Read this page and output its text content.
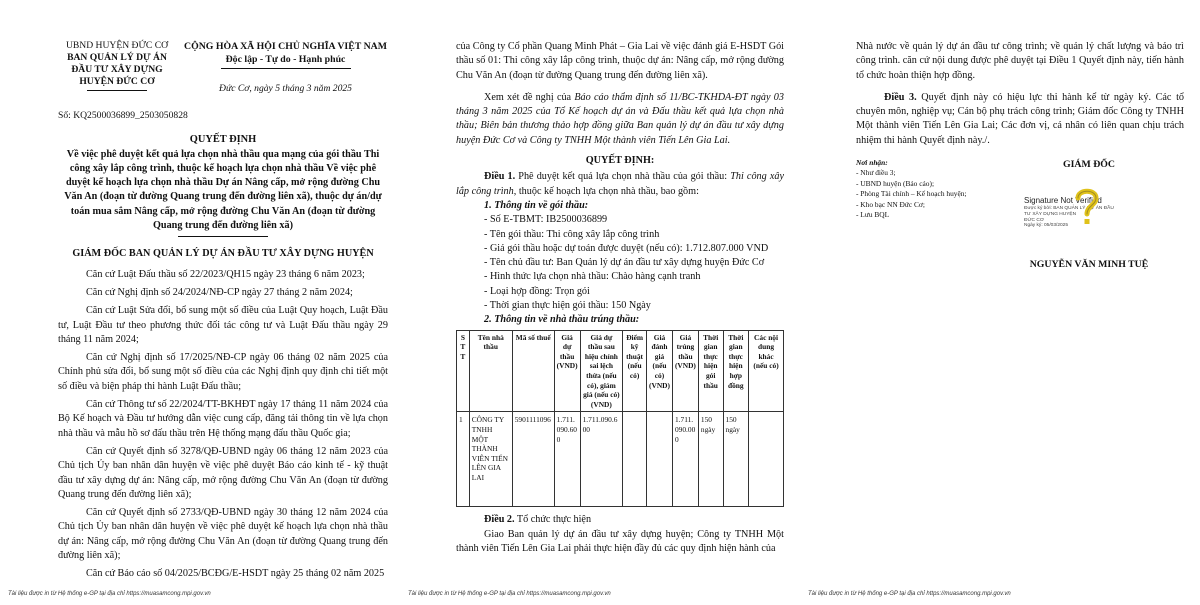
UBND HUYỆN ĐỨC CƠ
BAN QUẢN LÝ DỰ ÁN ĐẦU TƯ XÂY DỰNG HUYỆN ĐỨC CƠ
CỘNG HÒA XÃ HỘI CHỦ NGHĨA VIỆT NAM
Độc lập - Tự do - Hạnh phúc
Đức Cơ, ngày 5 tháng 3 năm 2025
Số: KQ2500036899_2503050828
QUYẾT ĐỊNH
Về việc phê duyệt kết quả lựa chọn nhà thầu qua mạng của gói thầu Thi công xây lắp công trình, thuộc kế hoạch lựa chọn nhà thầu Về việc phê duyệt kế hoạch lựa chọn nhà thầu Dự án Nâng cấp, mở rộng đường Chu Văn An (đoạn từ đường Quang trung đến đường liên xã), thuộc dự án/dự toán mua sắm Nâng cấp, mở rộng đường Chu Văn An (đoạn từ đường Quang trung đến đường liên xã)
GIÁM ĐỐC BAN QUẢN LÝ DỰ ÁN ĐẦU TƯ XÂY DỰNG HUYỆN

Căn cứ Luật Đấu thầu số 22/2023/QH15 ngày 23 tháng 6 năm 2023;

Căn cứ Nghị định số 24/2024/NĐ-CP ngày 27 tháng 2 năm 2024;

Căn cứ Luật Sửa đổi, bổ sung một số điều của Luật Quy hoạch, Luật Đầu tư, Luật Đầu tư theo phương thức đối tác công tư và Luật Đấu thầu ngày 29 tháng 11 năm 2024;

Căn cứ Nghị định số 17/2025/NĐ-CP ngày 06 tháng 02 năm 2025 của Chính phủ sửa đổi, bổ sung một số điều của các Nghị định quy định chi tiết một số điều và biện pháp thi hành Luật Đấu thầu;

Căn cứ Thông tư số 22/2024/TT-BKHĐT ngày 17 tháng 11 năm 2024 của Bộ Kế hoạch và Đầu tư hướng dẫn việc cung cấp, đăng tải thông tin về lựa chọn nhà thầu và mẫu hồ sơ đấu thầu trên Hệ thống mạng đấu thầu Quốc gia;

Căn cứ Quyết định số 3278/QĐ-UBND ngày 06 tháng 12 năm 2023 của Chủ tịch Ủy ban nhân dân huyện về việc phê duyệt Báo cáo kinh tế - kỹ thuật đầu tư xây dựng dự án: Nâng cấp, mở rộng đường Chu Văn An (đoạn từ đường Quang trung đến đường liên xã);

Căn cứ Quyết định số 2733/QĐ-UBND ngày 30 tháng 12 năm 2024 của Chủ tịch Ủy ban nhân dân huyện về việc phê duyệt kế hoạch lựa chọn nhà thầu dự án: Nâng cấp, mở rộng đường Chu Văn An (đoạn từ đường Quang trung đến đường liên xã);

Căn cứ Báo cáo số 04/2025/BCĐG/E-HSDT ngày 25 tháng 02 năm 2025

Tài liệu được in từ Hệ thống e-GP tại địa chỉ https://muasamcong.mpi.gov.vn

của Công ty Cổ phần Quang Minh Phát – Gia Lai về việc đánh giá E-HSDT Gói thầu số 01: Thi công xây lắp công trình, thuộc dự án: Nâng cấp, mở rộng đường Chu Văn An (đoạn từ đường Quang trung đến đường liên xã).

Xem xét đề nghị của Báo cáo thẩm định số 11/BC-TKHDA-ĐT ngày 03 tháng 3 năm 2025 của Tổ Kế hoạch dự án và Đấu thầu kết quả lựa chọn nhà thầu; Biên bản thương thảo hợp đồng giữa Ban quản lý dự án đầu tư xây dựng huyện Đức Cơ và Công ty TNHH Một thành viên Tiến Lên Gia Lai.

QUYẾT ĐỊNH:

Điều 1. Phê duyệt kết quả lựa chọn nhà thầu của gói thầu: Thi công xây lắp công trình, thuộc kế hoạch lựa chọn nhà thầu, bao gồm:

1. Thông tin về gói thầu:

- Số E-TBMT: IB2500036899

- Tên gói thầu: Thi công xây lắp công trình

- Giá gói thầu hoặc dự toán được duyệt (nếu có): 1.712.807.000 VND

- Tên chủ đầu tư: Ban Quản lý dự án đầu tư xây dựng huyện Đức Cơ

- Hình thức lựa chọn nhà thầu: Chào hàng cạnh tranh

- Loại hợp đồng: Trọn gói

- Thời gian thực hiện gói thầu: 150 Ngày

2. Thông tin về nhà thầu trúng thầu:

S T T	Tên nhà thầu	Mã số thuế	Giá dự thầu (VND)	Giá dự thầu sau hiệu chỉnh sai lệch thừa (nếu có), giảm giá (nếu có) (VND)	Điểm kỹ thuật (nếu có)	Giá đánh giá (nếu có) (VND)	Giá trúng thầu (VND)	Thời gian thực hiện gói thầu	Thời gian thực hiện hợp đồng	Các nội dung khác (nếu có)
1	CÔNG TY TNHH MỘT THÀNH VIÊN TIẾN LÊN GIA LAI	5901111096	1.711.090.600	1.711.090.600			1.711.090.000	150 ngày	150 ngày	

Điều 2. Tổ chức thực hiện

Giao Ban quản lý dự án đầu tư xây dựng huyện; Công ty TNHH Một thành viên Tiến Lên Gia Lai phải thực hiện đầy đủ các quy định hiện hành của

Tài liệu được in từ Hệ thống e-GP tại địa chỉ https://muasamcong.mpi.gov.vn

Nhà nước về quản lý dự án đầu tư công trình; về quản lý chất lượng và bảo trì công trình. căn cứ nội dung được phê duyệt tại Điều 1 Quyết định này, tiến hành tổ chức hoàn thiện hợp đồng.

Điều 3. Quyết định này có hiệu lực thi hành kể từ ngày ký. Các tổ chuyên môn, nghiệp vụ; Cán bộ phụ trách công trình; Giám đốc Công ty TNHH Một thành viên Tiến Lên Gia Lai; Các đơn vị, cá nhân có liên quan chịu trách nhiệm thi hành Quyết định này./.

Nơi nhận:
- Như điều 3;
- UBND huyện (Báo cáo);
- Phòng Tài chính – Kế hoạch huyện;
- Kho bạc NN Đức Cơ;
- Lưu BQL
GIÁM ĐỐC
Signature Not Verified
Được ký bởi: BAN QUẢN LÝ DỰ ÁN ĐẦU TƯ XÂY DỰNG HUYỆN
ĐỨC CƠ
Ngày ký: 05/03/2025
NGUYỄN VĂN MINH TUỆ
Tài liệu được in từ Hệ thống e-GP tại địa chỉ https://muasamcong.mpi.gov.vn
